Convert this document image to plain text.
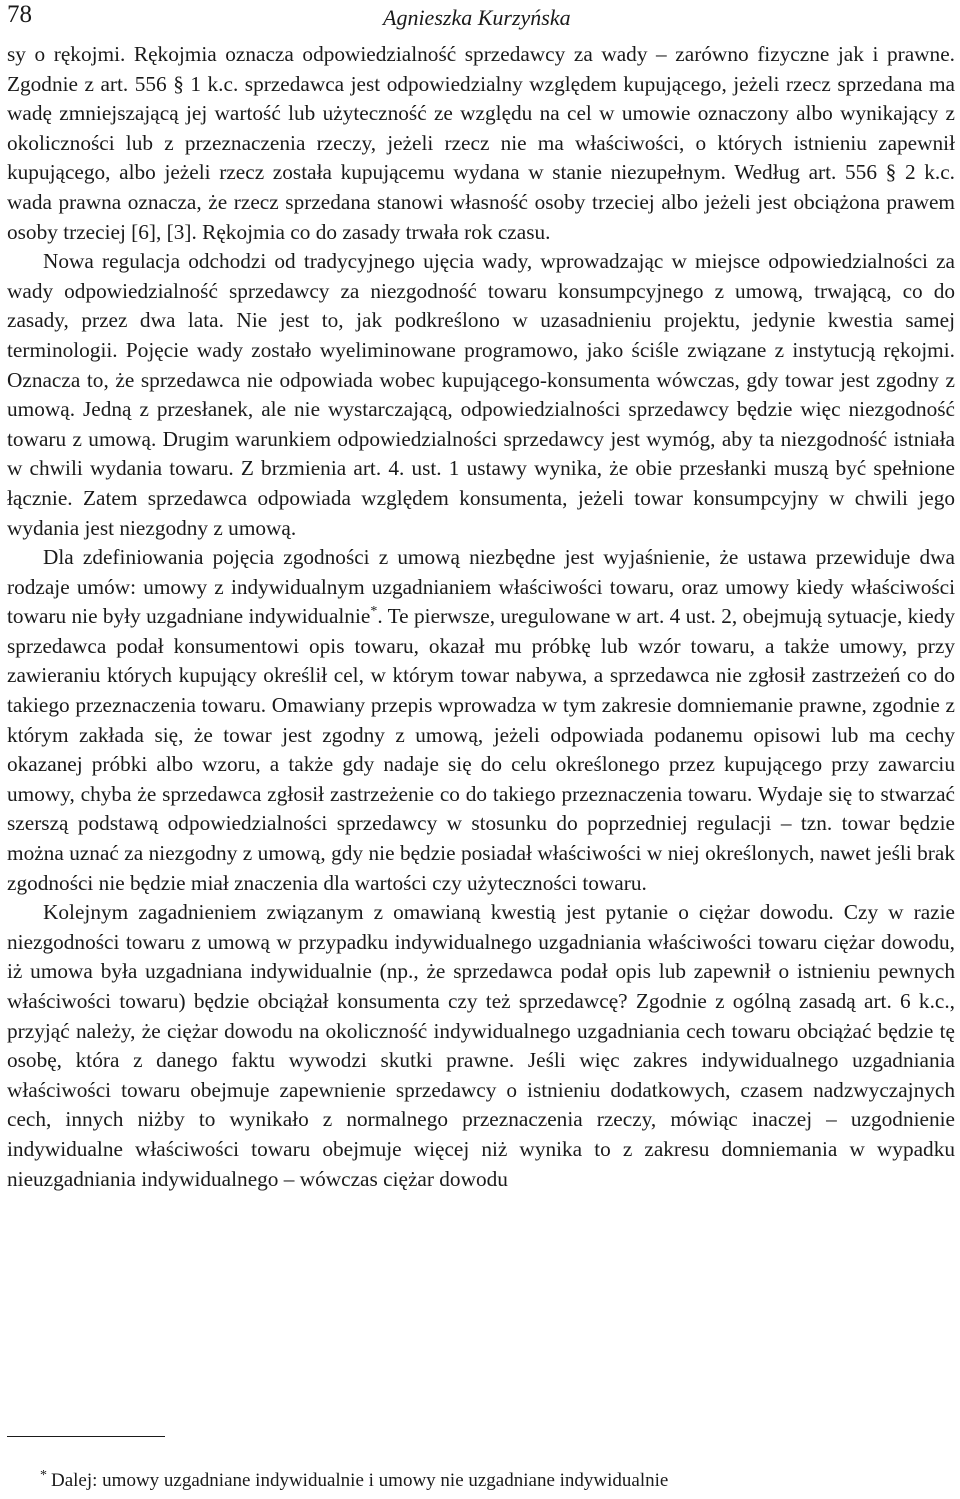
78	Agnieszka Kurzyńska

sy o rękojmi. Rękojmia oznacza odpowiedzialność sprzedawcy za wady – zarówno fizyczne jak i prawne. Zgodnie z art. 556 § 1 k.c. sprzedawca jest odpowiedzialny względem kupującego, jeżeli rzecz sprzedana ma wadę zmniejszającą jej wartość lub użyteczność ze względu na cel w umowie oznaczony albo wynikający z okoliczności lub z przeznaczenia rzeczy, jeżeli rzecz nie ma właściwości, o których istnieniu zapewnił kupującego, albo jeżeli rzecz została kupującemu wydana w stanie niezupełnym. Według art. 556 § 2 k.c. wada prawna oznacza, że rzecz sprzedana stanowi własność osoby trzeciej albo jeżeli jest obciążona prawem osoby trzeciej [6], [3]. Rękojmia co do zasady trwała rok czasu.

Nowa regulacja odchodzi od tradycyjnego ujęcia wady, wprowadzając w miejsce odpowiedzialności za wady odpowiedzialność sprzedawcy za niezgodność towaru konsumpcyjnego z umową, trwającą, co do zasady, przez dwa lata. Nie jest to, jak podkreślono w uzasadnieniu projektu, jedynie kwestia samej terminologii. Pojęcie wady zostało wyeliminowane programowo, jako ściśle związane z instytucją rękojmi. Oznacza to, że sprzedawca nie odpowiada wobec kupującego-konsumenta wówczas, gdy towar jest zgodny z umową. Jedną z przesłanek, ale nie wystarczającą, odpowiedzialności sprzedawcy będzie więc niezgodność towaru z umową. Drugim warunkiem odpowiedzialności sprzedawcy jest wymóg, aby ta niezgodność istniała w chwili wydania towaru. Z brzmienia art. 4. ust. 1 ustawy wynika, że obie przesłanki muszą być spełnione łącznie. Zatem sprzedawca odpowiada względem konsumenta, jeżeli towar konsumpcyjny w chwili jego wydania jest niezgodny z umową.

Dla zdefiniowania pojęcia zgodności z umową niezbędne jest wyjaśnienie, że ustawa przewiduje dwa rodzaje umów: umowy z indywidualnym uzgadnianiem właściwości towaru, oraz umowy kiedy właściwości towaru nie były uzgadniane indywidualnie*. Te pierwsze, uregulowane w art. 4 ust. 2, obejmują sytuacje, kiedy sprzedawca podał konsumentowi opis towaru, okazał mu próbkę lub wzór towaru, a także umowy, przy zawieraniu których kupujący określił cel, w którym towar nabywa, a sprzedawca nie zgłosił zastrzeżeń co do takiego przeznaczenia towaru. Omawiany przepis wprowadza w tym zakresie domniemanie prawne, zgodnie z którym zakłada się, że towar jest zgodny z umową, jeżeli odpowiada podanemu opisowi lub ma cechy okazanej próbki albo wzoru, a także gdy nadaje się do celu określonego przez kupującego przy zawarciu umowy, chyba że sprzedawca zgłosił zastrzeżenie co do takiego przeznaczenia towaru. Wydaje się to stwarzać szerszą podstawą odpowiedzialności sprzedawcy w stosunku do poprzedniej regulacji – tzn. towar będzie można uznać za niezgodny z umową, gdy nie będzie posiadał właściwości w niej określonych, nawet jeśli brak zgodności nie będzie miał znaczenia dla wartości czy użyteczności towaru.

Kolejnym zagadnieniem związanym z omawianą kwestią jest pytanie o ciężar dowodu. Czy w razie niezgodności towaru z umową w przypadku indywidualnego uzgadniania właściwości towaru ciężar dowodu, iż umowa była uzgadniana indywidualnie (np., że sprzedawca podał opis lub zapewnił o istnieniu pewnych właściwości towaru) będzie obciążał konsumenta czy też sprzedawcę? Zgodnie z ogólną zasadą art. 6 k.c., przyjąć należy, że ciężar dowodu na okoliczność indywidualnego uzgadniania cech towaru obciążać będzie tę osobę, która z danego faktu wywodzi skutki prawne. Jeśli więc zakres indywidualnego uzgadniania właściwości towaru obejmuje zapewnienie sprzedawcy o istnieniu dodatkowych, czasem nadzwyczajnych cech, innych niżby to wynikało z normalnego przeznaczenia rzeczy, mówiąc inaczej – uzgodnienie indywidualne właściwości towaru obejmuje więcej niż wynika to z zakresu domniemania w wypadku nieuzgadniania indywidualnego – wówczas ciężar dowodu

* Dalej: umowy uzgadniane indywidualnie i umowy nie uzgadniane indywidualnie
